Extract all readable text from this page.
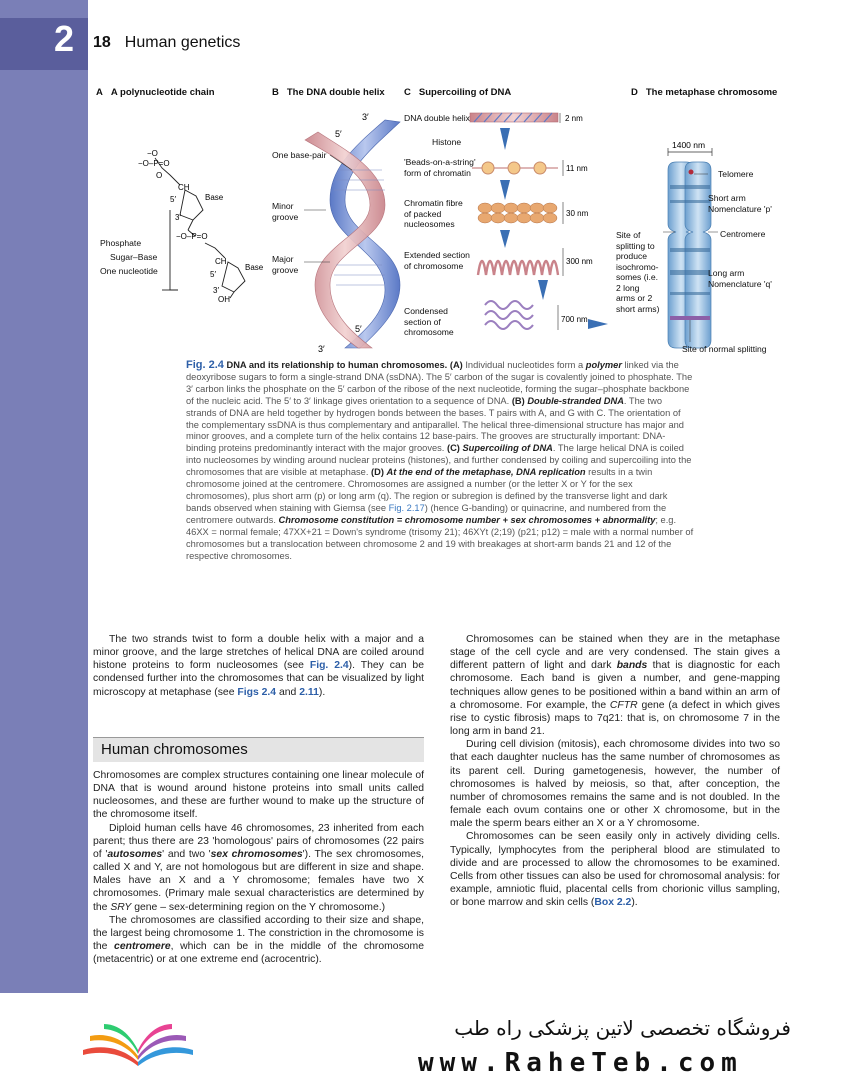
2 18 Human genetics
A A polynucleotide chain	B The DNA double helix C Supercoiling of DNA	D The metaphase chromosome
−O
−O–P=O
O
CH
5′	Base
3′
−O–P=O
CH
5′
Base
3′
OH
3′
5′
5′
3′
2 nm
11 nm
30 nm
300 nm
700 nm
1400 nm
Phosphate
Sugar–Base
One nucleotide
One base-pair
Minor
groove
Major
groove
DNA double helix
Histone
'Beads-on-a-string'
form of chromatin
Chromatin fibre
of packed
nucleosomes
Extended section
of chromosome
Condensed
section of
chromosome
Telomere
Short arm
Nomenclature 'p'
Centromere
Long arm
Nomenclature 'q'
Site of
splitting to
produce
isochromo-
somes (i.e.
2 long
arms or 2
short arms)
Site of normal splitting
Fig. 2.4 DNA and its relationship to human chromosomes. (A) Individual nucleotides form a polymer linked via the deoxyribose sugars to form a single-strand DNA (ssDNA). The 5′ carbon of the sugar is covalently joined to phosphate. The 3′ carbon links the phosphate on the 5′ carbon of the ribose of the next nucleotide, forming the sugar–phosphate backbone of the nucleic acid. The 5′ to 3′ linkage gives orientation to a sequence of DNA. (B) Double-stranded DNA. The two strands of DNA are held together by hydrogen bonds between the bases. T pairs with A, and G with C. The orientation of the complementary ssDNA is thus complementary and antiparallel. The helical three-dimensional structure has major and minor grooves, and a complete turn of the helix contains 12 base-pairs. The grooves are structurally important: DNA-binding proteins predominantly interact with the major grooves. (C) Supercoiling of DNA. The large helical DNA is coiled into nucleosomes by winding around nuclear proteins (histones), and further condensed by coiling and supercoiling into the chromosomes that are visible at metaphase. (D) At the end of the metaphase, DNA replication results in a twin chromosome joined at the centromere. Chromosomes are assigned a number (or the letter X or Y for the sex chromosomes), plus short arm (p) or long arm (q). The region or subregion is defined by the transverse light and dark bands observed when staining with Giemsa (see Fig. 2.17) (hence G-banding) or quinacrine, and numbered from the centromere outwards. Chromosome constitution = chromosome number + sex chromosomes + abnormality; e.g. 46XX = normal female; 47XX+21 = Down's syndrome (trisomy 21); 46XYt (2;19) (p21; p12) = male with a normal number of chromosomes but a translocation between chromosome 2 and 19 with breakages at short-arm bands 21 and 12 of the respective chromosomes.

The two strands twist to form a double helix with a major and a minor groove, and the large stretches of helical DNA are coiled around histone proteins to form nucleosomes (see Fig. 2.4). They can be condensed further into the chromosomes that can be visualized by light microscopy at metaphase (see Figs 2.4 and 2.11).

Human chromosomes

Chromosomes are complex structures containing one linear molecule of DNA that is wound around histone proteins into small units called nucleosomes, and these are further wound to make up the structure of the chromosome itself.

Diploid human cells have 46 chromosomes, 23 inherited from each parent; thus there are 23 'homologous' pairs of chromosomes (22 pairs of 'autosomes' and two 'sex chromosomes'). The sex chromosomes, called X and Y, are not homologous but are different in size and shape. Males have an X and a Y chromosome; females have two X chromosomes. (Primary male sexual characteristics are determined by the SRY gene – sex-determining region on the Y chromosome.)

The chromosomes are classified according to their size and shape, the largest being chromosome 1. The constriction in the chromosome is the centromere, which can be in the middle of the chromosome (metacentric) or at one extreme end (acrocentric).

Chromosomes can be stained when they are in the metaphase stage of the cell cycle and are very condensed. The stain gives a different pattern of light and dark bands that is diagnostic for each chromosome. Each band is given a number, and gene-mapping techniques allow genes to be positioned within a band within an arm of a chromosome. For example, the CFTR gene (a defect in which gives rise to cystic fibrosis) maps to 7q21: that is, on chromosome 7 in the long arm in band 21.

During cell division (mitosis), each chromosome divides into two so that each daughter nucleus has the same number of chromosomes as its parent cell. During gametogenesis, however, the number of chromosomes is halved by meiosis, so that, after conception, the number of chromosomes remains the same and is not doubled. In the female each ovum contains one or other X chromosome, but in the male the sperm bears either an X or a Y chromosome.

Chromosomes can be seen easily only in actively dividing cells. Typically, lymphocytes from the peripheral blood are stimulated to divide and are processed to allow the chromosomes to be examined. Cells from other tissues can also be used for chromosomal analysis: for example, amniotic fluid, placental cells from chorionic villus sampling, or bone marrow and skin cells (Box 2.2).

فروشگاه تخصصی لاتین پزشکی راه طب
www.RaheTeb.com
